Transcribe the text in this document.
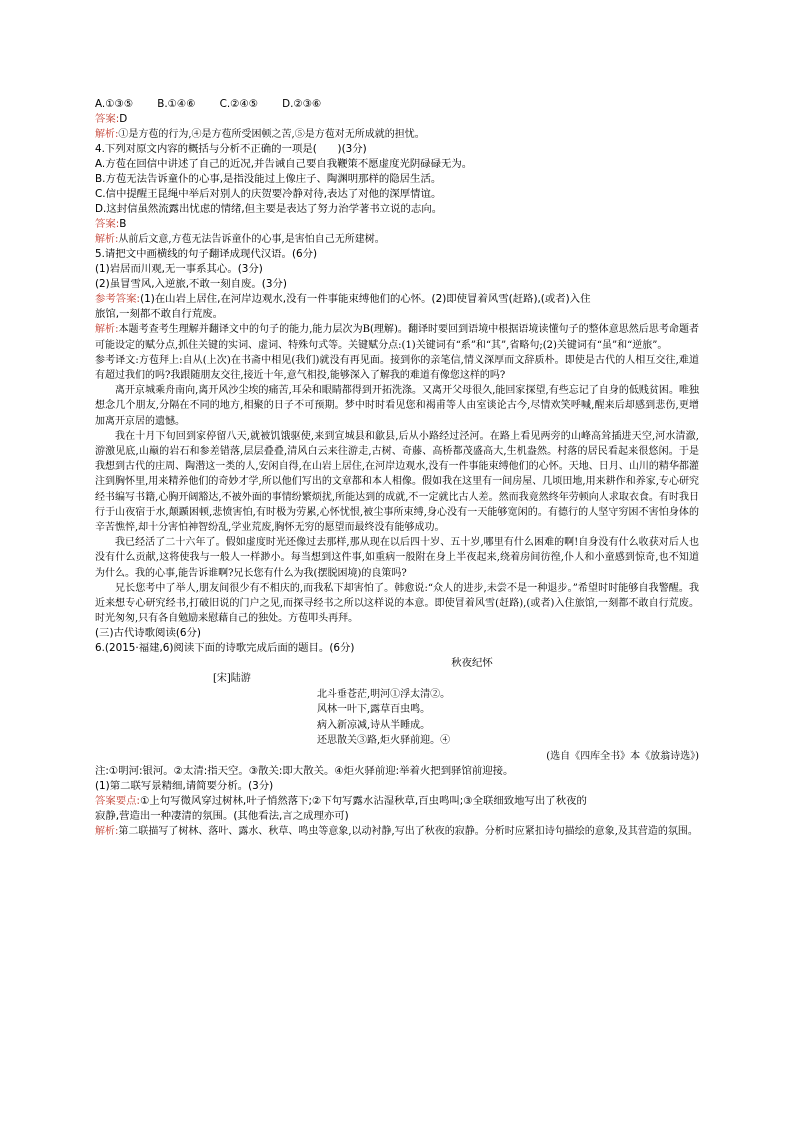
A.①③⑤ B.①④⑥ C.②④⑤ D.②③⑥
答案:D
解析:①是方苞的行为,④是方苞所受困顿之苦,⑤是方苞对无所成就的担忧。
4.下列对原文内容的概括与分析不正确的一项是(　　)(3分)
A.方苞在回信中讲述了自己的近况,并告诫自己要自我鞭策不愿虚度光阴碌碌无为。
B.方苞无法告诉童仆的心事,是指没能过上像庄子、陶渊明那样的隐居生活。
C.信中提醒王昆绳中举后对别人的庆贺要冷静对待,表达了对他的深厚情谊。
D.这封信虽然流露出忧虑的情绪,但主要是表达了努力治学著书立说的志向。
答案:B
解析:从前后文意,方苞无法告诉童仆的心事,是害怕自己无所建树。
5.请把文中画横线的句子翻译成现代汉语。(6分)
(1)岩居而川观,无一事系其心。(3分)
(2)虽冒雪风,入逆旅,不敢一刻自废。(3分)
参考答案:(1)在山岩上居住,在河岸边观水,没有一件事能束缚他们的心怀。(2)即使冒着风雪(赶路),(或者)入住
旅馆,一刻都不敢自行荒废。

解析:本题考查考生理解并翻译文中的句子的能力,能力层次为B(理解)。翻译时要回到语境中根据语境读懂句子的整体意思然后思考命题者可能设定的赋分点,抓住关键的实词、虚词、特殊句式等。关键赋分点:(1)关键词有“系”和“其”,省略句;(2)关键词有“虽”和“逆旅”。

参考译文:方苞拜上:自从(上次)在书斋中相见(我们)就没有再见面。接到你的亲笔信,情义深厚而文辞质朴。即使是古代的人相互交往,难道有超过我们的吗?我跟随朋友交往,接近十年,意气相投,能够深入了解我的难道有像您这样的吗?

离开京城乘舟南向,离开风沙尘埃的痛苦,耳朵和眼睛都得到开拓洗涤。又离开父母很久,能回家探望,有些忘记了自身的低贱贫困。唯独想念几个朋友,分隔在不同的地方,相聚的日子不可预期。梦中时时看见您和褐甫等人由室谈论古今,尽情欢笑呼喊,醒来后却感到悲伤,更增加离开京居的遗憾。

我在十月下旬回到家停留八天,就被饥饿驱使,来到宣城县和歙县,后从小路经过泾河。在路上看见两旁的山峰高耸插进天空,河水清澈,游激见底,山巅的岩石和参差错落,层层叠叠,清风白云来往游走,古树、奇藤、高桥都茂盛高大,生机盎然。村落的居民看起来很悠闲。于是我想到古代的庄周、陶潜这一类的人,安闲自得,在山岩上居住,在河岸边观水,没有一件事能束缚他们的心怀。天地、日月、山川的精华都灌注到胸怀里,用来精养他们的奇妙才学,所以他们写出的文章都和本人相像。假如我在这里有一间房屋、几顷田地,用来耕作和养家,专心研究经书编写书籍,心胸开阔豁达,不被外面的事情纷繁烦扰,所能达到的成就,不一定就比古人差。然而我竟然终年劳顿向人求取衣食。有时我日行于山夜宿于水,颠踬困顿,悲愤害怕,有时极为劳累,心怀忧恨,被尘事所束缚,身心没有一天能够宽闲的。有德行的人坚守穷困不害怕身体的辛苦憔悴,却十分害怕神智纷乱,学业荒废,胸怀无穷的愿望而最终没有能够成功。

我已经活了二十六年了。假如虚度时光还像过去那样,那从现在以后四十岁、五十岁,哪里有什么困难的啊!自身没有什么收获对后人也没有什么贡献,这将使我与一般人一样渺小。每当想到这件事,如重病一般附在身上半夜起来,绕着房间彷徨,仆人和小童感到惊奇,也不知道为什么。我的心事,能告诉谁啊?兄长您有什么为我(摆脱困境)的良策吗?

兄长您考中了举人,朋友间很少有不相庆的,而我私下却害怕了。韩愈说:“众人的进步,未尝不是一种退步。”希望时时能够自我警醒。我近来想专心研究经书,打破旧说的门户之见,而探寻经书之所以这样说的本意。即使冒着风雪(赶路),(或者)入住旅馆,一刻都不敢自行荒废。时光匆匆,只有各自勉励来慰藉自己的独处。方苞叩头再拜。

(三)古代诗歌阅读(6分)
6.(2015·福建,6)阅读下面的诗歌完成后面的题目。(6分)
秋夜纪怀
[宋]陆游
北斗垂苍茫,明河①浮太清②。
风林一叶下,露草百虫鸣。
病入新凉减,诗从半睡成。
还思散关③路,炬火驿前迎。④
(选自《四库全书》本《放翁诗选》)
注:①明河:银河。②太清:指天空。③散关:即大散关。④炬火驿前迎:举着火把到驿馆前迎接。
(1)第二联写景精细,请简要分析。(3分)
答案要点:①上句写微风穿过树林,叶子悄然落下;②下句写露水沾湿秋草,百虫鸣叫;③全联细致地写出了秋夜的
寂静,营造出一种凄清的氛围。(其他看法,言之成理亦可)

解析:第二联描写了树林、落叶、露水、秋草、鸣虫等意象,以动衬静,写出了秋夜的寂静。分析时应紧扣诗句描绘的意象,及其营造的氛围。
